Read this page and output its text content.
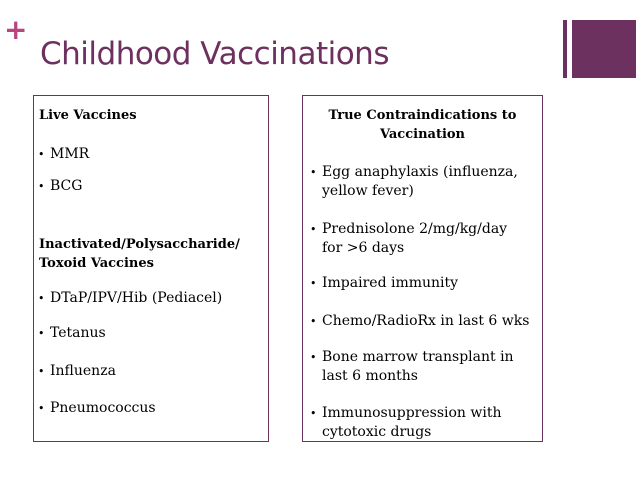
+
Childhood Vaccinations
Live Vaccines
• MMR
• BCG
Inactivated/Polysaccharide/
Toxoid Vaccines
• DTaP/IPV/Hib (Pediacel)
• Tetanus
• Influenza
• Pneumococcus
True Contraindications to
Vaccination
• Egg anaphylaxis (influenza,
yellow fever)
• Prednisolone 2/mg/kg/day
for >6 days
• Impaired immunity
• Chemo/RadioRx in last 6 wks
• Bone marrow transplant in
last 6 months
• Immunosuppression with
cytotoxic drugs
